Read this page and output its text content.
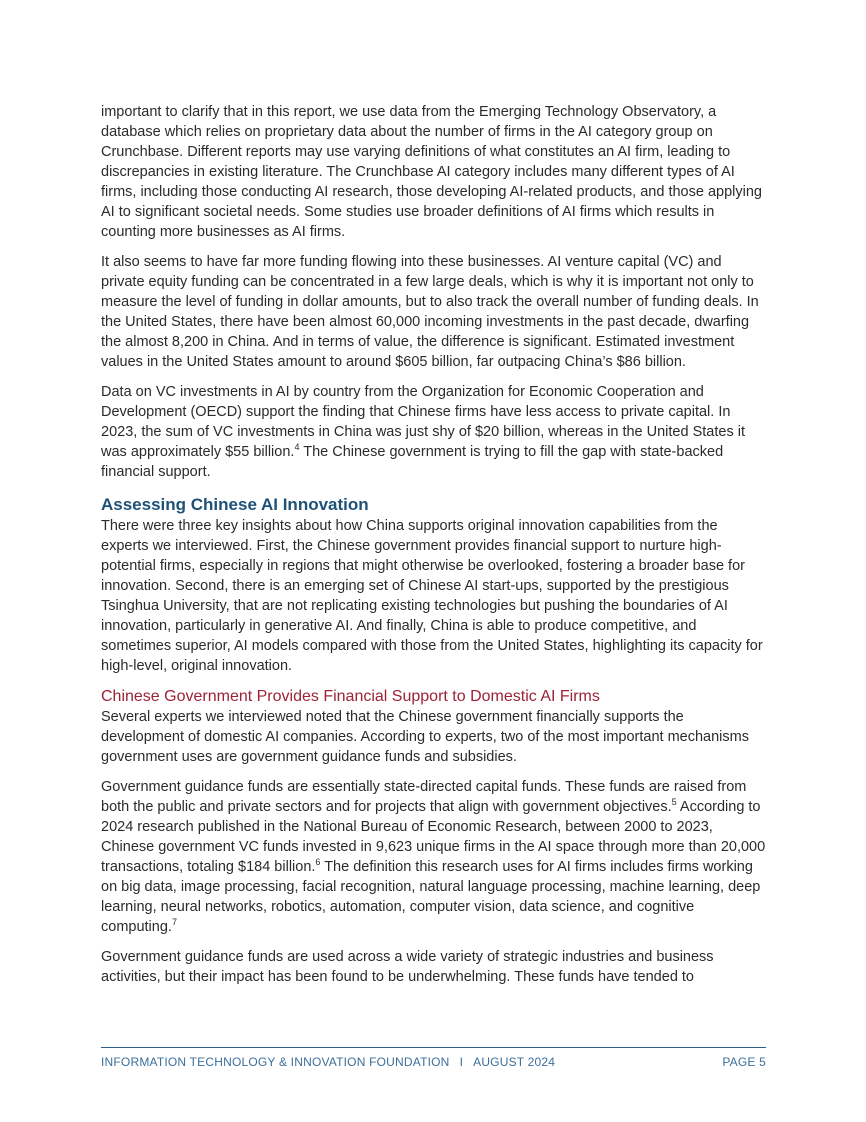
important to clarify that in this report, we use data from the Emerging Technology Observatory, a database which relies on proprietary data about the number of firms in the AI category group on Crunchbase. Different reports may use varying definitions of what constitutes an AI firm, leading to discrepancies in existing literature. The Crunchbase AI category includes many different types of AI firms, including those conducting AI research, those developing AI-related products, and those applying AI to significant societal needs. Some studies use broader definitions of AI firms which results in counting more businesses as AI firms.

It also seems to have far more funding flowing into these businesses. AI venture capital (VC) and private equity funding can be concentrated in a few large deals, which is why it is important not only to measure the level of funding in dollar amounts, but to also track the overall number of funding deals. In the United States, there have been almost 60,000 incoming investments in the past decade, dwarfing the almost 8,200 in China. And in terms of value, the difference is significant. Estimated investment values in the United States amount to around $605 billion, far outpacing China’s $86 billion.

Data on VC investments in AI by country from the Organization for Economic Cooperation and Development (OECD) support the finding that Chinese firms have less access to private capital. In 2023, the sum of VC investments in China was just shy of $20 billion, whereas in the United States it was approximately $55 billion.$^4$ The Chinese government is trying to fill the gap with state-backed financial support.

Assessing Chinese AI Innovation

There were three key insights about how China supports original innovation capabilities from the experts we interviewed. First, the Chinese government provides financial support to nurture high-potential firms, especially in regions that might otherwise be overlooked, fostering a broader base for innovation. Second, there is an emerging set of Chinese AI start-ups, supported by the prestigious Tsinghua University, that are not replicating existing technologies but pushing the boundaries of AI innovation, particularly in generative AI. And finally, China is able to produce competitive, and sometimes superior, AI models compared with those from the United States, highlighting its capacity for high-level, original innovation.

Chinese Government Provides Financial Support to Domestic AI Firms

Several experts we interviewed noted that the Chinese government financially supports the development of domestic AI companies. According to experts, two of the most important mechanisms government uses are government guidance funds and subsidies.

Government guidance funds are essentially state-directed capital funds. These funds are raised from both the public and private sectors and for projects that align with government objectives.$^5$ According to 2024 research published in the National Bureau of Economic Research, between 2000 to 2023, Chinese government VC funds invested in 9,623 unique firms in the AI space through more than 20,000 transactions, totaling $184 billion.$^6$ The definition this research uses for AI firms includes firms working on big data, image processing, facial recognition, natural language processing, machine learning, deep learning, neural networks, robotics, automation, computer vision, data science, and cognitive computing.$^7$

Government guidance funds are used across a wide variety of strategic industries and business activities, but their impact has been found to be underwhelming. These funds have tended to

INFORMATION TECHNOLOGY & INNOVATION FOUNDATION I AUGUST 2024	PAGE 5
